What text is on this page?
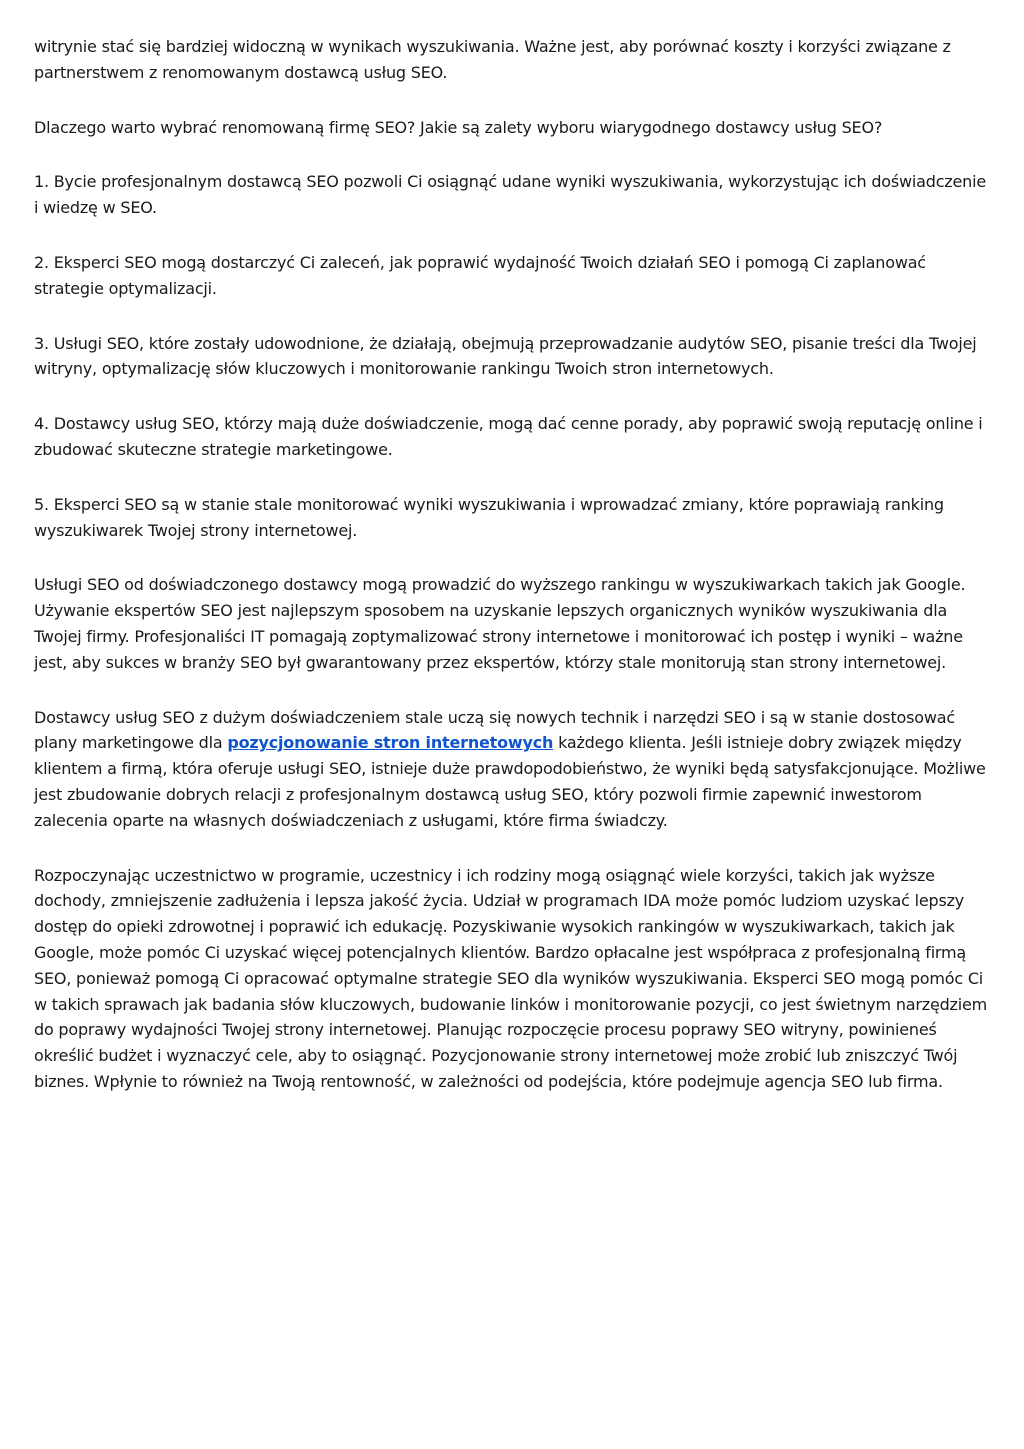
witrynie stać się bardziej widoczną w wynikach wyszukiwania. Ważne jest, aby porównać koszty i korzyści związane z partnerstwem z renomowanym dostawcą usług SEO.

Dlaczego warto wybrać renomowaną firmę SEO? Jakie są zalety wyboru wiarygodnego dostawcy usług SEO?

1. Bycie profesjonalnym dostawcą SEO pozwoli Ci osiągnąć udane wyniki wyszukiwania, wykorzystując ich doświadczenie i wiedzę w SEO.

2. Eksperci SEO mogą dostarczyć Ci zaleceń, jak poprawić wydajność Twoich działań SEO i pomogą Ci zaplanować strategie optymalizacji.

3. Usługi SEO, które zostały udowodnione, że działają, obejmują przeprowadzanie audytów SEO, pisanie treści dla Twojej witryny, optymalizację słów kluczowych i monitorowanie rankingu Twoich stron internetowych.

4. Dostawcy usług SEO, którzy mają duże doświadczenie, mogą dać cenne porady, aby poprawić swoją reputację online i zbudować skuteczne strategie marketingowe.

5. Eksperci SEO są w stanie stale monitorować wyniki wyszukiwania i wprowadzać zmiany, które poprawiają ranking wyszukiwarek Twojej strony internetowej.

Usługi SEO od doświadczonego dostawcy mogą prowadzić do wyższego rankingu w wyszukiwarkach takich jak Google. Używanie ekspertów SEO jest najlepszym sposobem na uzyskanie lepszych organicznych wyników wyszukiwania dla Twojej firmy. Profesjonaliści IT pomagają zoptymalizować strony internetowe i monitorować ich postęp i wyniki – ważne jest, aby sukces w branży SEO był gwarantowany przez ekspertów, którzy stale monitorują stan strony internetowej.

Dostawcy usług SEO z dużym doświadczeniem stale uczą się nowych technik i narzędzi SEO i są w stanie dostosować plany marketingowe dla pozycjonowanie stron internetowych każdego klienta. Jeśli istnieje dobry związek między klientem a firmą, która oferuje usługi SEO, istnieje duże prawdopodobieństwo, że wyniki będą satysfakcjonujące. Możliwe jest zbudowanie dobrych relacji z profesjonalnym dostawcą usług SEO, który pozwoli firmie zapewnić inwestorom zalecenia oparte na własnych doświadczeniach z usługami, które firma świadczy.

Rozpoczynając uczestnictwo w programie, uczestnicy i ich rodziny mogą osiągnąć wiele korzyści, takich jak wyższe dochody, zmniejszenie zadłużenia i lepsza jakość życia. Udział w programach IDA może pomóc ludziom uzyskać lepszy dostęp do opieki zdrowotnej i poprawić ich edukację. Pozyskiwanie wysokich rankingów w wyszukiwarkach, takich jak Google, może pomóc Ci uzyskać więcej potencjalnych klientów. Bardzo opłacalne jest współpraca z profesjonalną firmą SEO, ponieważ pomogą Ci opracować optymalne strategie SEO dla wyników wyszukiwania. Eksperci SEO mogą pomóc Ci w takich sprawach jak badania słów kluczowych, budowanie linków i monitorowanie pozycji, co jest świetnym narzędziem do poprawy wydajności Twojej strony internetowej. Planując rozpoczęcie procesu poprawy SEO witryny, powinieneś określić budżet i wyznaczyć cele, aby to osiągnąć. Pozycjonowanie strony internetowej może zrobić lub zniszczyć Twój biznes. Wpłynie to również na Twoją rentowność, w zależności od podejścia, które podejmuje agencja SEO lub firma.
